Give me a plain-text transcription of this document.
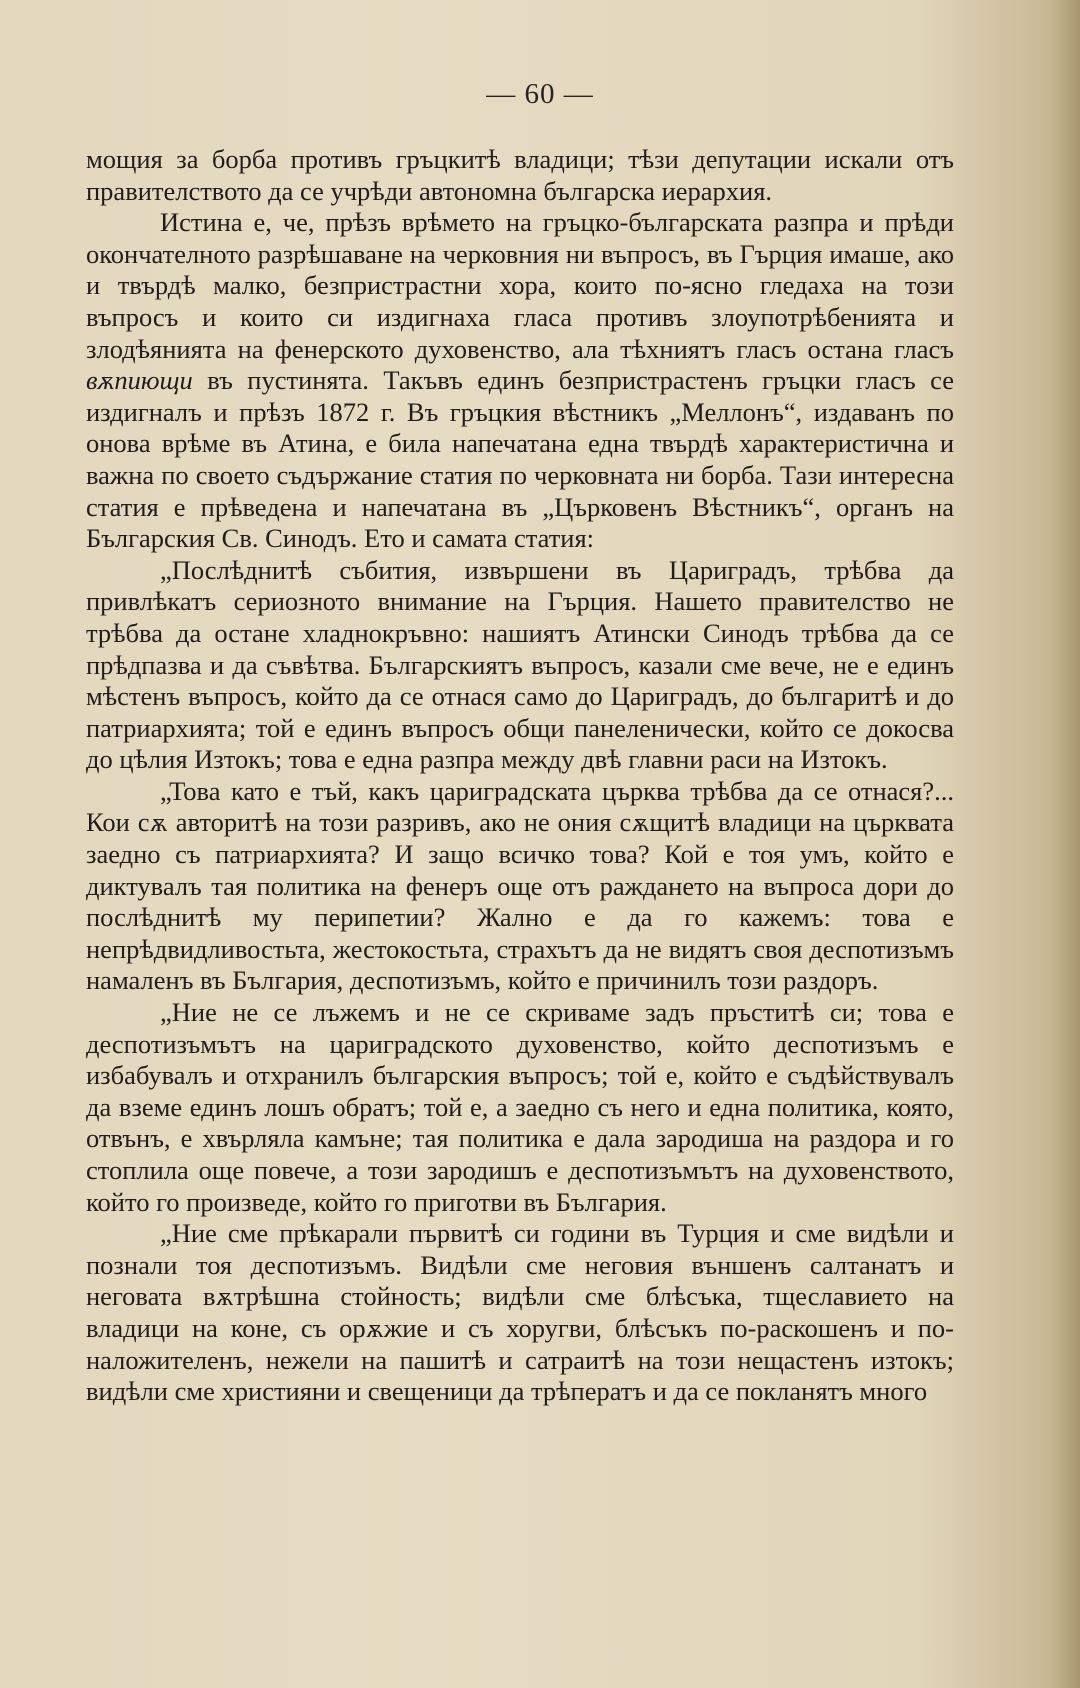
— 60 —

мощия за борба противъ гръцкитѣ владици; тѣзи депутации искали отъ правителството да се учрѣди автономна българска иерархия.

Истина е, че, прѣзъ врѣмето на гръцко-българската разпра и прѣди окончателното разрѣшаване на черковния ни въпросъ, въ Гърция имаше, ако и твърдѣ малко, безпристрастни хора, които по-ясно гледаха на този въпросъ и които си издигнаха гласа противъ злоупотрѣбенията и злодѣянията на фенерското духовенство, ала тѣхниятъ гласъ остана гласъ вѫпиющи въ пустинята. Такъвъ единъ безпристрастенъ гръцки гласъ се издигналъ и прѣзъ 1872 г. Въ гръцкия вѣстникъ „Меллонъ“, издаванъ по онова врѣме въ Атина, е била напечатана една твърдѣ характеристична и важна по своето съдържание статия по черковната ни борба. Тази интересна статия е прѣведена и напечатана въ „Църковенъ Вѣстникъ“, органъ на Българския Св. Синодъ. Ето и самата статия:

„Послѣднитѣ събития, извършени въ Цариградъ, трѣбва да привлѣкатъ сериозното внимание на Гърция. Нашето правителство не трѣбва да остане хладнокръвно: нашиятъ Атински Синодъ трѣбва да се прѣдпазва и да съвѣтва. Българскиятъ въпросъ, казали сме вече, не е единъ мѣстенъ въпросъ, който да се отнася само до Цариградъ, до българитѣ и до патриархията; той е единъ въпросъ общи панеленически, който се докосва до цѣлия Изтокъ; това е една разпра между двѣ главни раси на Изтокъ.

„Това като е тъй, какъ цариградската църква трѣбва да се отнася?... Кои сѫ авторитѣ на този разривъ, ако не ония сѫщитѣ владици на църквата заедно съ патриархията? И защо всичко това? Кой е тоя умъ, който е диктувалъ тая политика на фенеръ още отъ раждането на въпроса дори до послѣднитѣ му перипетии? Жално е да го кажемъ: това е непрѣдвидливостьта, жестокостьта, страхътъ да не видятъ своя деспотизъмъ намаленъ въ България, деспотизъмъ, който е причинилъ този раздоръ.

„Ние не се лъжемъ и не се скриваме задъ пръститѣ си; това е деспотизъмътъ на цариградското духовенство, който деспотизъмъ е избабувалъ и отхранилъ българския въпросъ; той е, който е съдѣйствувалъ да вземе единъ лошъ обратъ; той е, а заедно съ него и една политика, която, отвънъ, е хвърляла камъне; тая политика е дала зародиша на раздора и го стоплила още повече, а този зародишъ е деспотизъмътъ на духовенството, който го произведе, който го приготви въ България.

„Ние сме прѣкарали първитѣ си години въ Турция и сме видѣли и познали тоя деспотизъмъ. Видѣли сме неговия външенъ салтанатъ и неговата вѫтрѣшна стойность; видѣли сме блѣсъка, тщеславието на владици на коне, съ орѫжие и съ хоругви, блѣсъкъ по-раскошенъ и по-наложителенъ, нежели на пашитѣ и сатраитѣ на този нещастенъ изтокъ; видѣли сме християни и свещеници да трѣператъ и да се покланятъ много
